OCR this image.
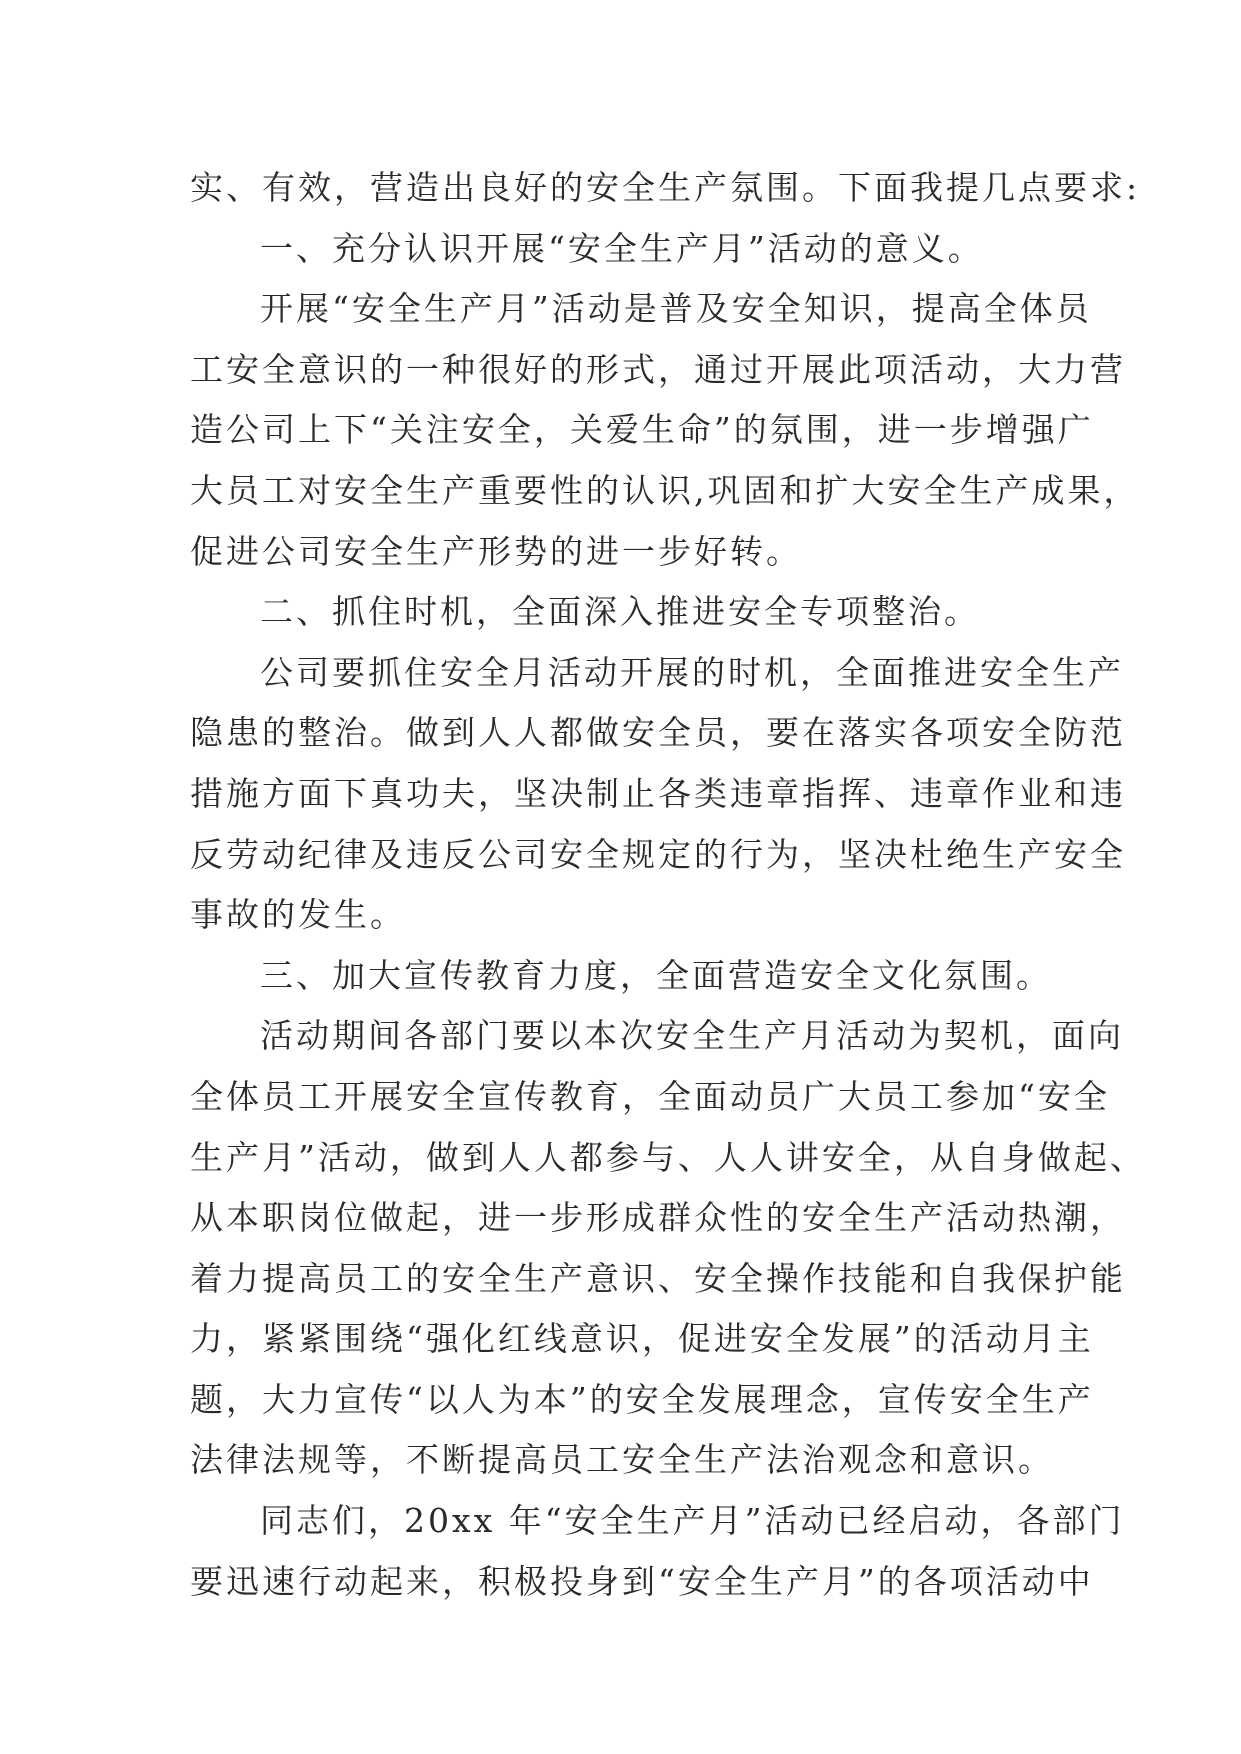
实、有效，营造出良好的安全生产氛围。下面我提几点要求:
一、充分认识开展“安全生产月”活动的意义。
开展“安全生产月”活动是普及安全知识，提高全体员
工安全意识的一种很好的形式，通过开展此项活动，大力营
造公司上下“关注安全，关爱生命”的氛围，进一步增强广
大员工对安全生产重要性的认识,巩固和扩大安全生产成果，
促进公司安全生产形势的进一步好转。
二、抓住时机，全面深入推进安全专项整治。
公司要抓住安全月活动开展的时机，全面推进安全生产
隐患的整治。做到人人都做安全员，要在落实各项安全防范
措施方面下真功夫，坚决制止各类违章指挥、违章作业和违
反劳动纪律及违反公司安全规定的行为，坚决杜绝生产安全
事故的发生。
三、加大宣传教育力度，全面营造安全文化氛围。
活动期间各部门要以本次安全生产月活动为契机，面向
全体员工开展安全宣传教育，全面动员广大员工参加“安全
生产月”活动，做到人人都参与、人人讲安全，从自身做起、
从本职岗位做起，进一步形成群众性的安全生产活动热潮，
着力提高员工的安全生产意识、安全操作技能和自我保护能
力，紧紧围绕“强化红线意识，促进安全发展”的活动月主
题，大力宣传“以人为本”的安全发展理念，宣传安全生产
法律法规等，不断提高员工安全生产法治观念和意识。
同志们，20xx 年“安全生产月”活动已经启动，各部门
要迅速行动起来，积极投身到“安全生产月”的各项活动中
